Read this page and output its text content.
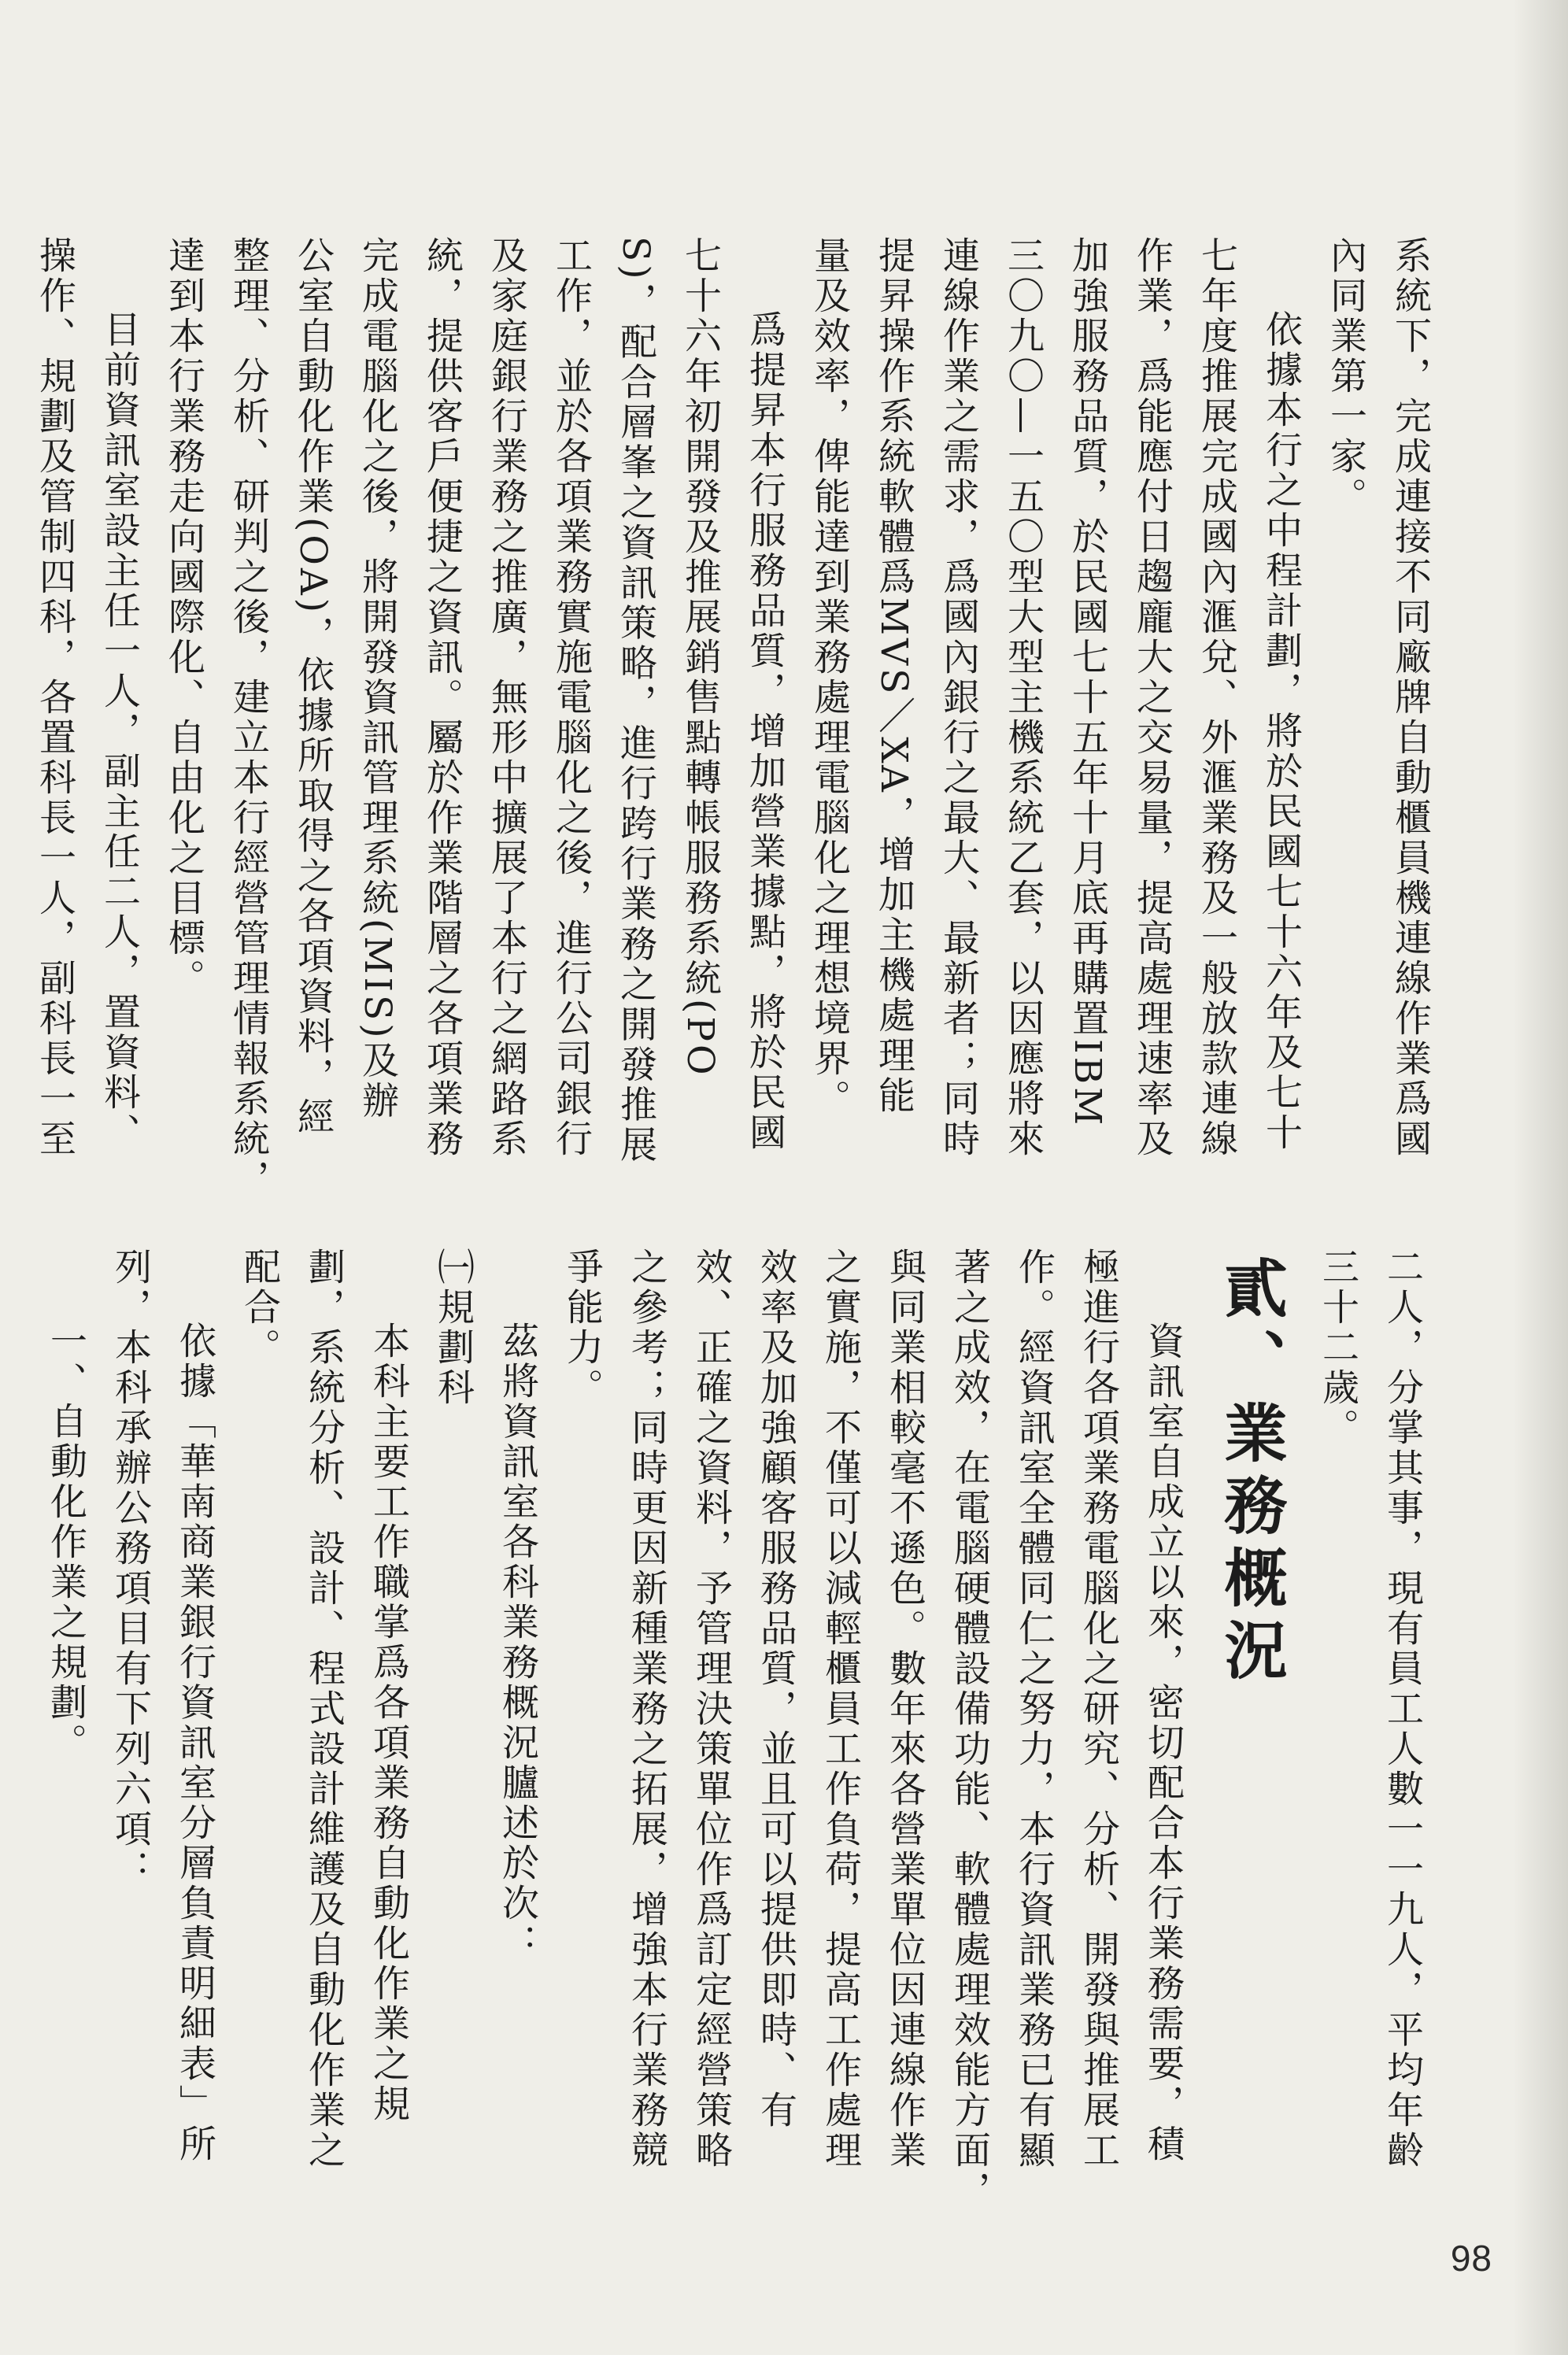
系統下，完成連接不同廠牌自動櫃員機連線作業爲國
內同業第一家。
依據本行之中程計劃，將於民國七十六年及七十
七年度推展完成國內滙兌、外滙業務及一般放款連線
作業，爲能應付日趨龐大之交易量，提高處理速率及
加強服務品質，於民國七十五年十月底再購置IBM
三〇九〇—一五〇型大型主機系統乙套，以因應將來
連線作業之需求，爲國內銀行之最大、最新者；同時
提昇操作系統軟體爲MVS／XA，增加主機處理能
量及效率，俾能達到業務處理電腦化之理想境界。
爲提昇本行服務品質，增加營業據點，將於民國
七十六年初開發及推展銷售點轉帳服務系統(PO
S)，配合層峯之資訊策略，進行跨行業務之開發推展
工作，並於各項業務實施電腦化之後，進行公司銀行
及家庭銀行業務之推廣，無形中擴展了本行之網路系
統，提供客戶便捷之資訊。屬於作業階層之各項業務
完成電腦化之後，將開發資訊管理系統(MIS)及辦
公室自動化作業(OA)，依據所取得之各項資料，經
整理、分析、研判之後，建立本行經營管理情報系統，
達到本行業務走向國際化、自由化之目標。
目前資訊室設主任一人，副主任二人，置資料、
操作、規劃及管制四科，各置科長一人，副科長一至
二人，分掌其事，現有員工人數一一九人，平均年齡
三十二歲。
貳、業務概況
資訊室自成立以來，密切配合本行業務需要，積
極進行各項業務電腦化之研究、分析、開發與推展工
作。經資訊室全體同仁之努力，本行資訊業務已有顯
著之成效，在電腦硬體設備功能、軟體處理效能方面，
與同業相較毫不遜色。數年來各營業單位因連線作業
之實施，不僅可以減輕櫃員工作負荷，提高工作處理
效率及加強顧客服務品質，並且可以提供即時、有
效、正確之資料，予管理決策單位作爲訂定經營策略
之參考；同時更因新種業務之拓展，增強本行業務競
爭能力。
茲將資訊室各科業務概況臚述於次：
㈠規劃科
本科主要工作職掌爲各項業務自動化作業之規
劃，系統分析、設計、程式設計維護及自動化作業之
配合。
依據「華南商業銀行資訊室分層負責明細表」所
列，本科承辦公務項目有下列六項：
一、自動化作業之規劃。
98
